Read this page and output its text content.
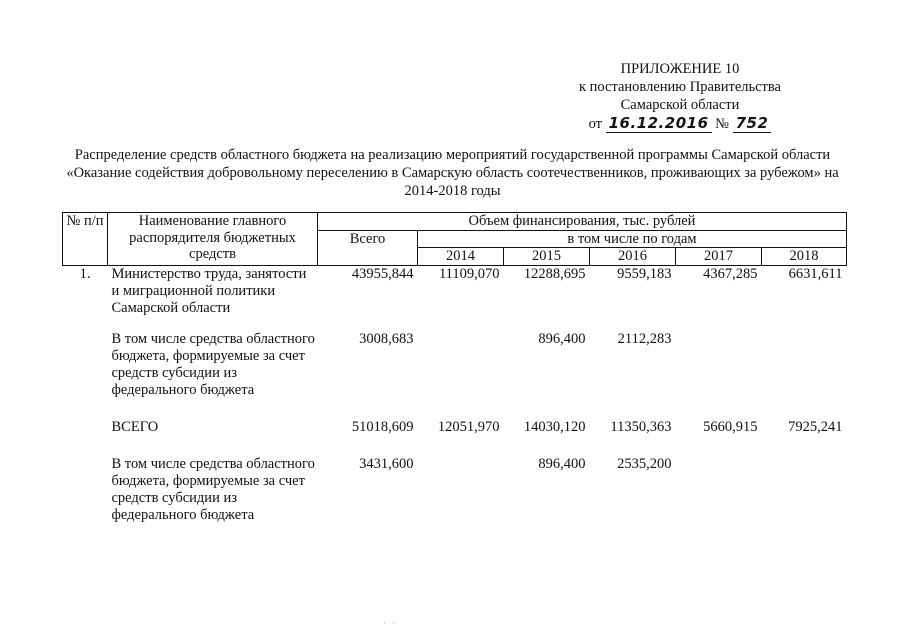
ПРИЛОЖЕНИЕ 10
к постановлению Правительства
Самарской области
от 16.12.2016 № 752
Распределение средств областного бюджета на реализацию мероприятий государственной программы Самарской области «Оказание содействия добровольному переселению в Самарскую область соотечественников, проживающих за рубежом» на 2014-2018 годы
№ п/п	Наименование главного распорядителя бюджетных средств	Объем финансирования, тыс. рублей					
		Всего	в том числе по годам				
			2014	2015	2016	2017	2018
1.	Министерство труда, занятости и миграционной политики Самарской области	43955,844	11109,070	12288,695	9559,183	4367,285	6631,611

	В том числе средства областного бюджета, формируемые за счет средств субсидии из федерального бюджета	3008,683		896,400	2112,283		

	ВСЕГО	51018,609	12051,970	14030,120	11350,363	5660,915	7925,241

	В том числе средства областного бюджета, формируемые за счет средств субсидии из федерального бюджета	3431,600		896,400	2535,200		
· ·
